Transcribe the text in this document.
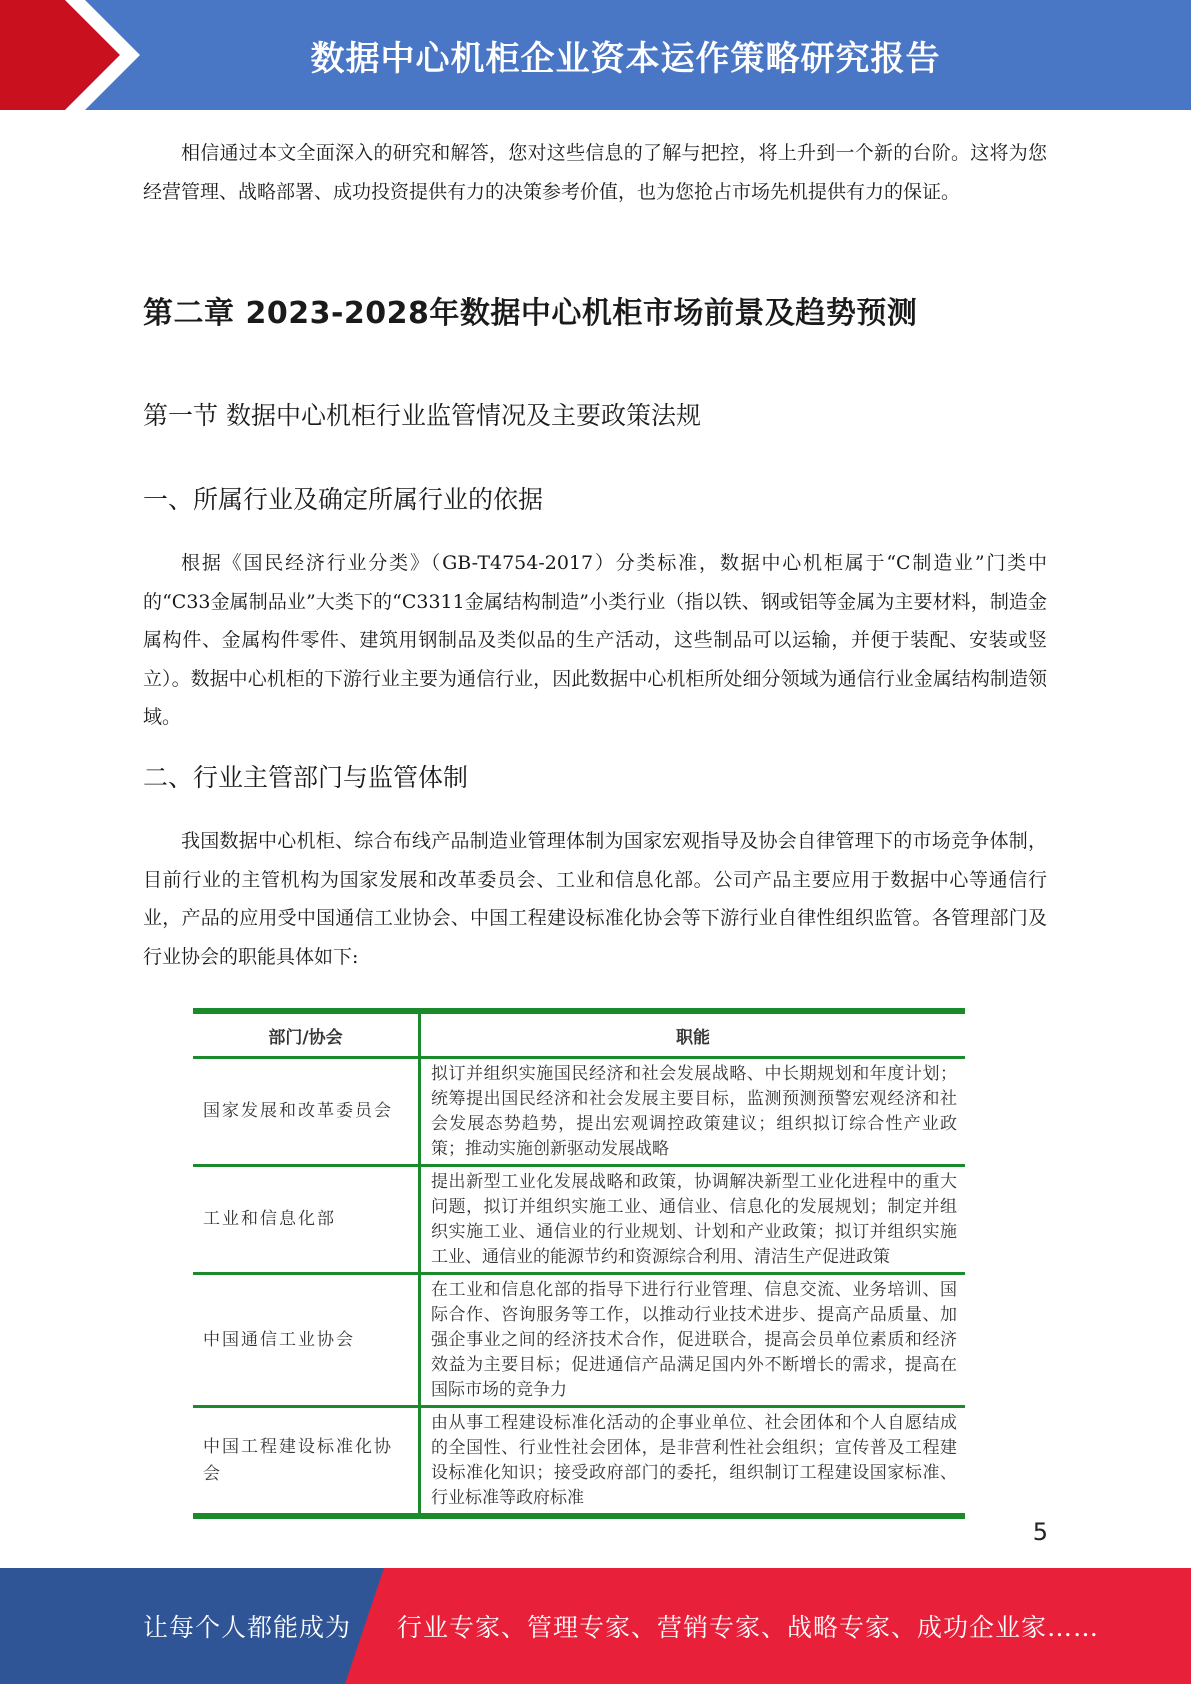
数据中心机柜企业资本运作策略研究报告

相信通过本文全面深入的研究和解答，您对这些信息的了解与把控，将上升到一个新的台阶。这将为您经营管理、战略部署、成功投资提供有力的决策参考价值，也为您抢占市场先机提供有力的保证。

第二章 2023-2028年数据中心机柜市场前景及趋势预测
第一节 数据中心机柜行业监管情况及主要政策法规
一、所属行业及确定所属行业的依据

根据《国民经济行业分类》（GB-T4754-2017）分类标准，数据中心机柜属于“C制造业”门类中的“C33金属制品业”大类下的“C3311金属结构制造”小类行业（指以铁、钢或铝等金属为主要材料，制造金属构件、金属构件零件、建筑用钢制品及类似品的生产活动，这些制品可以运输，并便于装配、安装或竖立）。数据中心机柜的下游行业主要为通信行业，因此数据中心机柜所处细分领域为通信行业金属结构制造领域。

二、行业主管部门与监管体制

我国数据中心机柜、综合布线产品制造业管理体制为国家宏观指导及协会自律管理下的市场竞争体制，目前行业的主管机构为国家发展和改革委员会、工业和信息化部。公司产品主要应用于数据中心等通信行业，产品的应用受中国通信工业协会、中国工程建设标准化协会等下游行业自律性组织监管。各管理部门及行业协会的职能具体如下:

部门/协会	职能
国家发展和改革委员会	拟订并组织实施国民经济和社会发展战略、中长期规划和年度计划；统筹提出国民经济和社会发展主要目标，监测预测预警宏观经济和社会发展态势趋势，提出宏观调控政策建议；组织拟订综合性产业政策；推动实施创新驱动发展战略
工业和信息化部	提出新型工业化发展战略和政策，协调解决新型工业化进程中的重大问题，拟订并组织实施工业、通信业、信息化的发展规划；制定并组织实施工业、通信业的行业规划、计划和产业政策；拟订并组织实施工业、通信业的能源节约和资源综合利用、清洁生产促进政策
中国通信工业协会	在工业和信息化部的指导下进行行业管理、信息交流、业务培训、国际合作、咨询服务等工作，以推动行业技术进步、提高产品质量、加强企事业之间的经济技术合作，促进联合，提高会员单位素质和经济效益为主要目标；促进通信产品满足国内外不断增长的需求，提高在国际市场的竞争力
中国工程建设标准化协会	由从事工程建设标准化活动的企事业单位、社会团体和个人自愿结成的全国性、行业性社会团体，是非营利性社会组织；宣传普及工程建设标准化知识；接受政府部门的委托，组织制订工程建设国家标准、行业标准等政府标准
5
让每个人都能成为 行业专家、管理专家、营销专家、战略专家、成功企业家……
